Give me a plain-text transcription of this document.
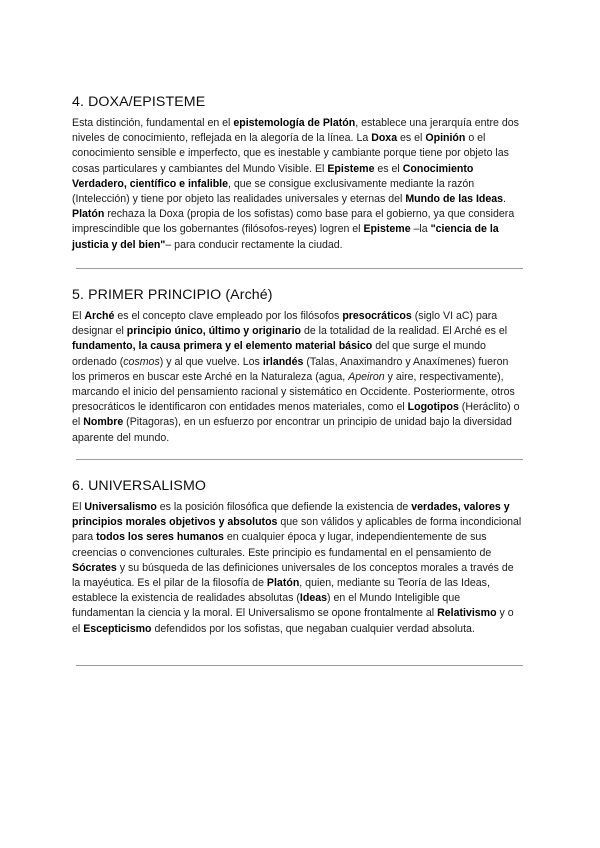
4. DOXA/EPISTEME

Esta distinción, fundamental en el epistemología de Platón, establece una jerarquía entre dos niveles de conocimiento, reflejada en la alegoría de la línea. La Doxa es el Opinión o el conocimiento sensible e imperfecto, que es inestable y cambiante porque tiene por objeto las cosas particulares y cambiantes del Mundo Visible. El Episteme es el Conocimiento Verdadero, científico e infalible, que se consigue exclusivamente mediante la razón (Intelección) y tiene por objeto las realidades universales y eternas del Mundo de las Ideas. Platón rechaza la Doxa (propia de los sofistas) como base para el gobierno, ya que considera imprescindible que los gobernantes (filósofos-reyes) logren el Episteme –la "ciencia de la justicia y del bien"– para conducir rectamente la ciudad.

5. PRIMER PRINCIPIO (Arché)

El Arché es el concepto clave empleado por los filósofos presocráticos (siglo VI aC) para designar el principio único, último y originario de la totalidad de la realidad. El Arché es el fundamento, la causa primera y el elemento material básico del que surge el mundo ordenado (cosmos) y al que vuelve. Los irlandés (Talas, Anaximandro y Anaxímenes) fueron los primeros en buscar este Arché en la Naturaleza (agua, Apeiron y aire, respectivamente), marcando el inicio del pensamiento racional y sistemático en Occidente. Posteriormente, otros presocráticos le identificaron con entidades menos materiales, como el Logotipos (Heráclito) o el Nombre (Pitagoras), en un esfuerzo por encontrar un principio de unidad bajo la diversidad aparente del mundo.

6. UNIVERSALISMO

El Universalismo es la posición filosófica que defiende la existencia de verdades, valores y principios morales objetivos y absolutos que son válidos y aplicables de forma incondicional para todos los seres humanos en cualquier época y lugar, independientemente de sus creencias o convenciones culturales. Este principio es fundamental en el pensamiento de Sócrates y su búsqueda de las definiciones universales de los conceptos morales a través de la mayéutica. Es el pilar de la filosofía de Platón, quien, mediante su Teoría de las Ideas, establece la existencia de realidades absolutas (Ideas) en el Mundo Inteligible que fundamentan la ciencia y la moral. El Universalismo se opone frontalmente al Relativismo y o el Escepticismo defendidos por los sofistas, que negaban cualquier verdad absoluta.
